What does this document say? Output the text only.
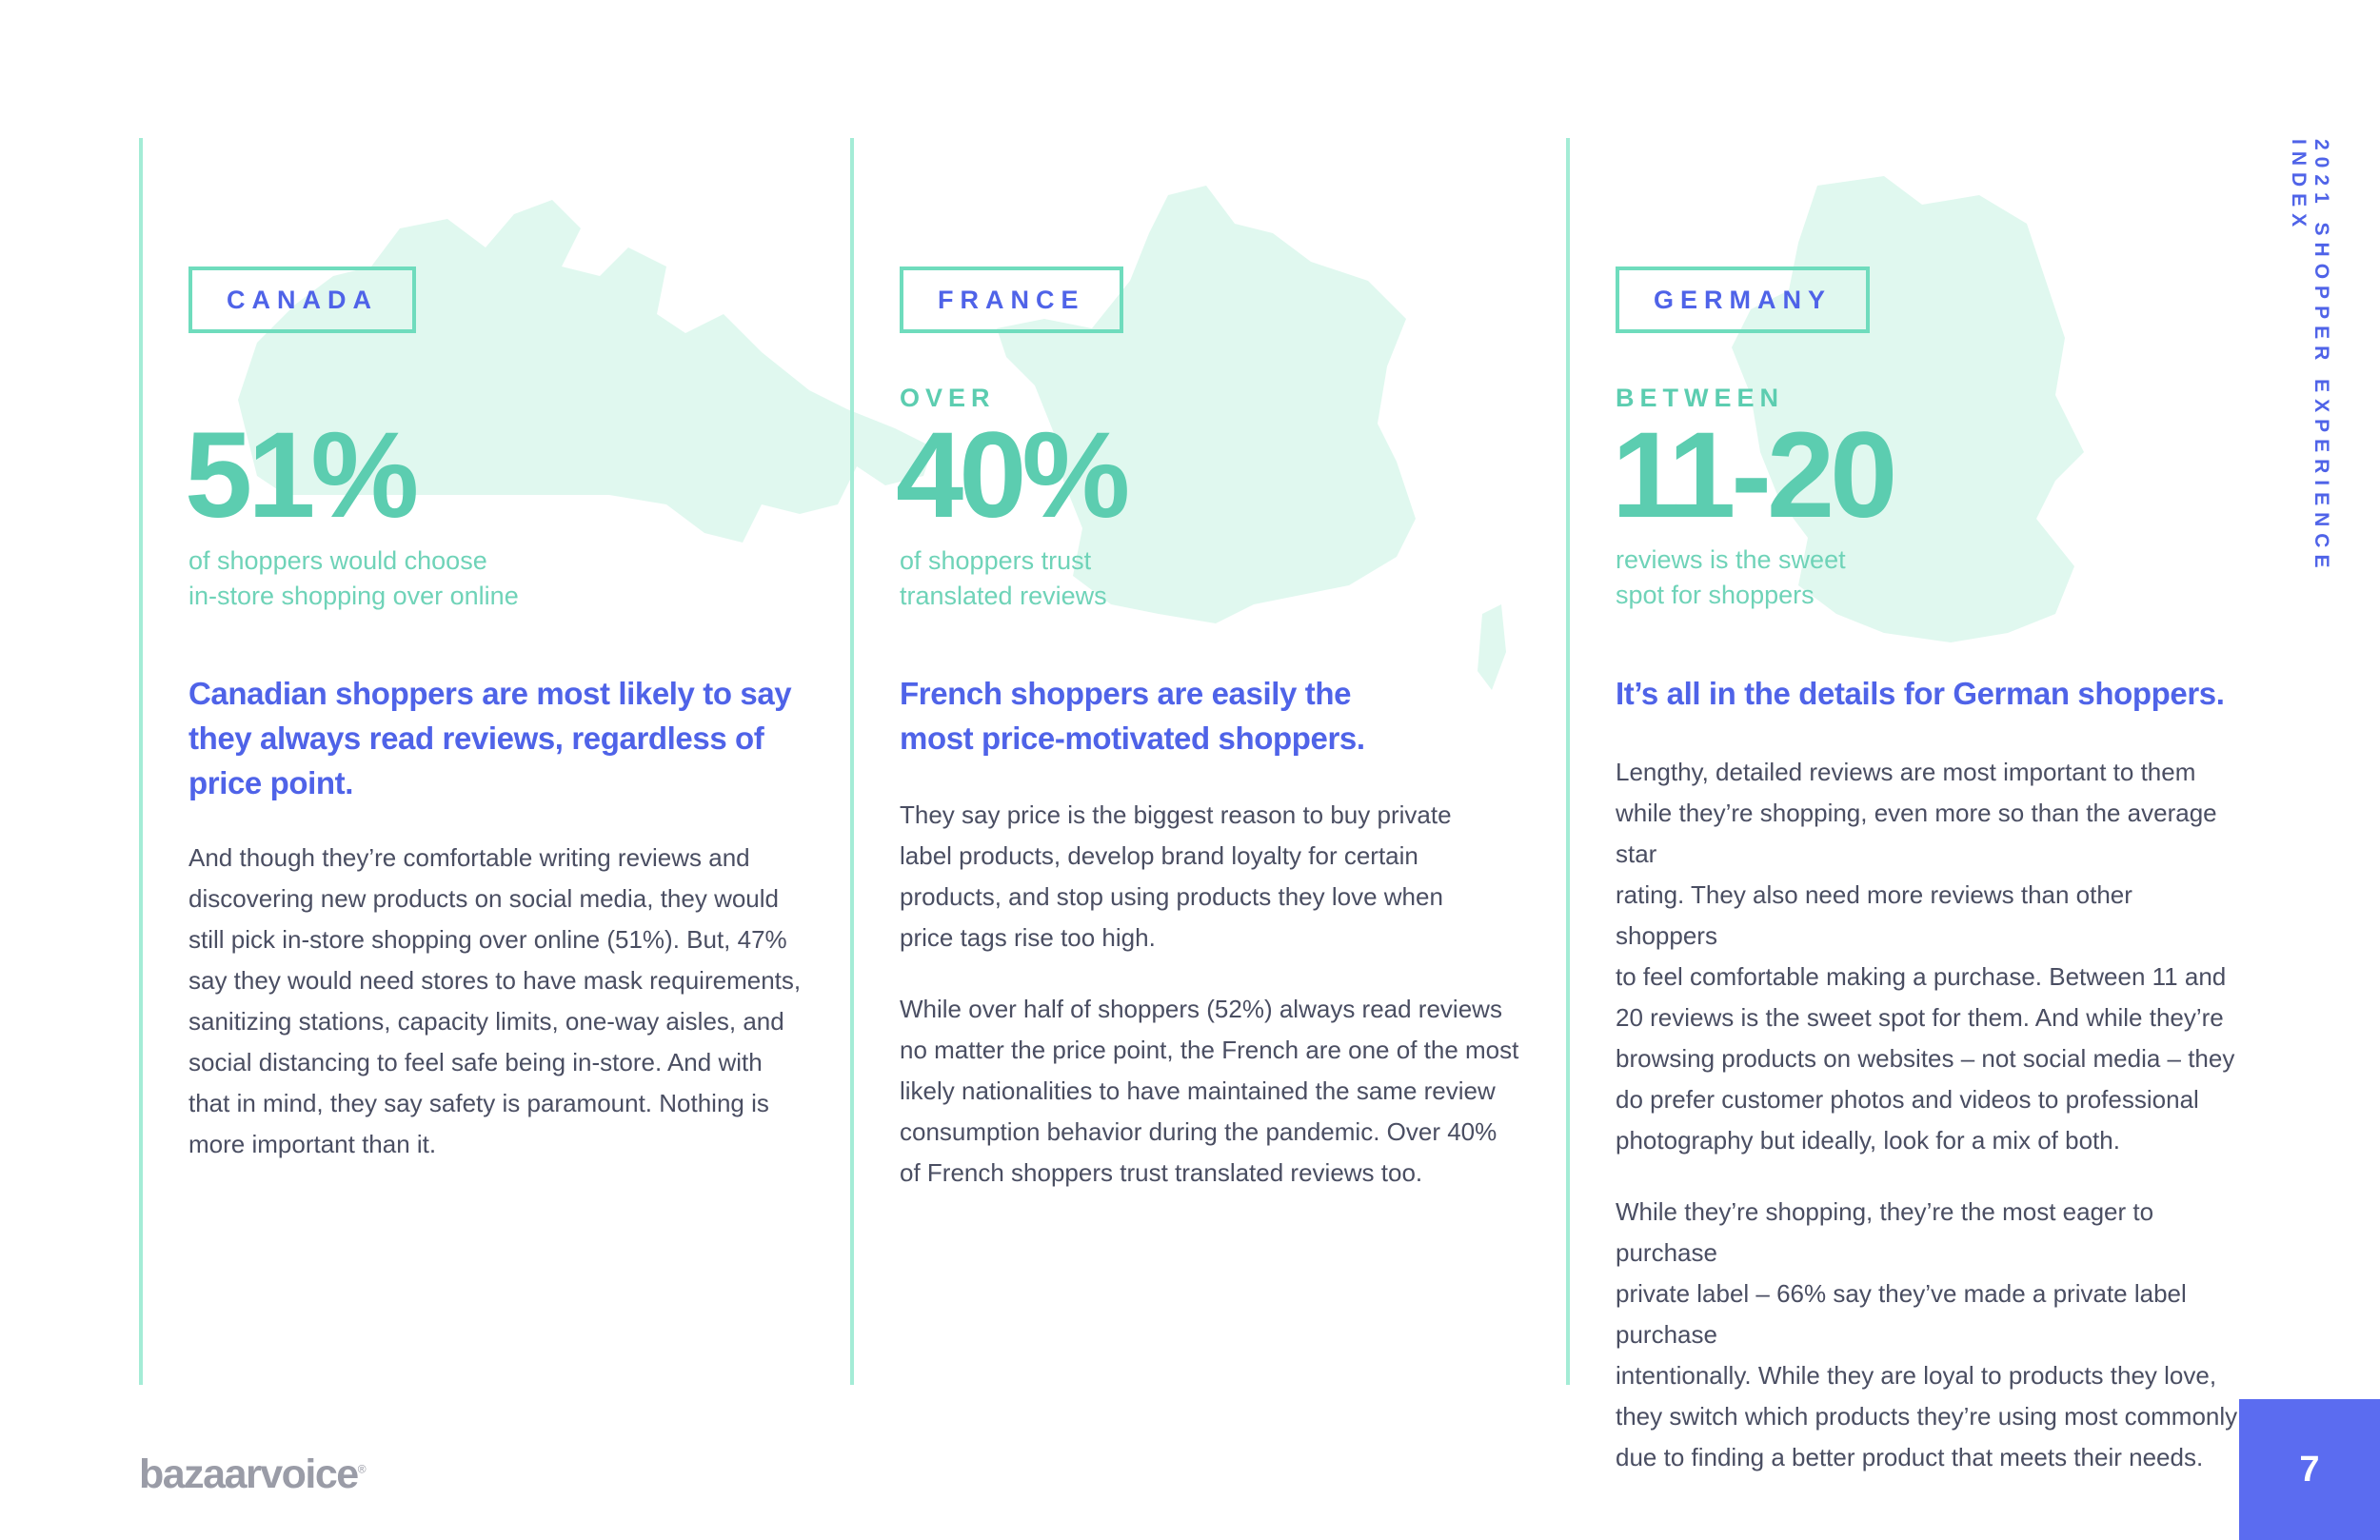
CANADA
51%
of shoppers would choose
in-store shopping over online
Canadian shoppers are most likely to say
they always read reviews, regardless of
price point.

And though they’re comfortable writing reviews and
discovering new products on social media, they would
still pick in-store shopping over online (51%). But, 47%
say they would need stores to have mask requirements,
sanitizing stations, capacity limits, one-way aisles, and
social distancing to feel safe being in-store. And with
that in mind, they say safety is paramount. Nothing is
more important than it.

FRANCE
OVER
40%
of shoppers trust
translated reviews
French shoppers are easily the
most price-motivated shoppers.

They say price is the biggest reason to buy private
label products, develop brand loyalty for certain
products, and stop using products they love when
price tags rise too high.

While over half of shoppers (52%) always read reviews
no matter the price point, the French are one of the most
likely nationalities to have maintained the same review
consumption behavior during the pandemic. Over 40%
of French shoppers trust translated reviews too.

GERMANY
BETWEEN
11-20
reviews is the sweet
spot for shoppers
It’s all in the details for German shoppers.

Lengthy, detailed reviews are most important to them
while they’re shopping, even more so than the average star
rating. They also need more reviews than other shoppers
to feel comfortable making a purchase. Between 11 and
20 reviews is the sweet spot for them. And while they’re
browsing products on websites – not social media – they
do prefer customer photos and videos to professional
photography but ideally, look for a mix of both.

While they’re shopping, they’re the most eager to purchase
private label – 66% say they’ve made a private label purchase
intentionally. While they are loyal to products they love,
they switch which products they’re using most commonly
due to finding a better product that meets their needs.

2021 SHOPPER EXPERIENCE INDEX
bazaarvoice®	7
